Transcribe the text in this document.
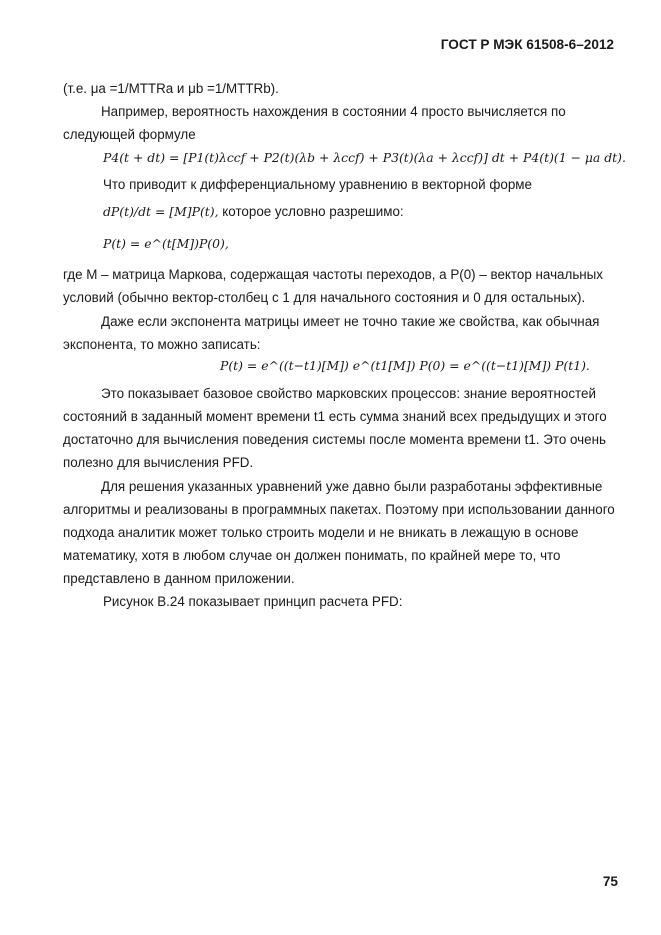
ГОСТ Р МЭК 61508-6–2012
(т.е. μa =1/MTTRa и μb =1/MTTRb).
Например, вероятность нахождения в состоянии 4 просто вычисляется по
следующей формуле
P4(t + dt) = [P1(t)λccf + P2(t)(λb + λccf) + P3(t)(λa + λccf)] dt + P4(t)(1 − μa dt).
Что приводит к дифференциальному уравнению в векторной форме
dP(t)/dt = [M]P(t), которое условно разрешимо:
P(t) = e^(t[M])P(0),
где M – матрица Маркова, содержащая частоты переходов, а P(0) – вектор начальных
условий (обычно вектор-столбец с 1 для начального состояния и 0 для остальных).
Даже если экспонента матрицы имеет не точно такие же свойства, как обычная
экспонента, то можно записать:
P(t) = e^((t−t1)[M]) e^(t1[M]) P(0) = e^((t−t1)[M]) P(t1).
Это показывает базовое свойство марковских процессов: знание вероятностей
состояний в заданный момент времени t1 есть сумма знаний всех предыдущих и этого
достаточно для вычисления поведения системы после момента времени t1. Это очень
полезно для вычисления PFD.
Для решения указанных уравнений уже давно были разработаны эффективные
алгоритмы и реализованы в программных пакетах. Поэтому при использовании данного
подхода аналитик может только строить модели и не вникать в лежащую в основе
математику, хотя в любом случае он должен понимать, по крайней мере то, что
представлено в данном приложении.
Рисунок В.24 показывает принцип расчета PFD:
75
